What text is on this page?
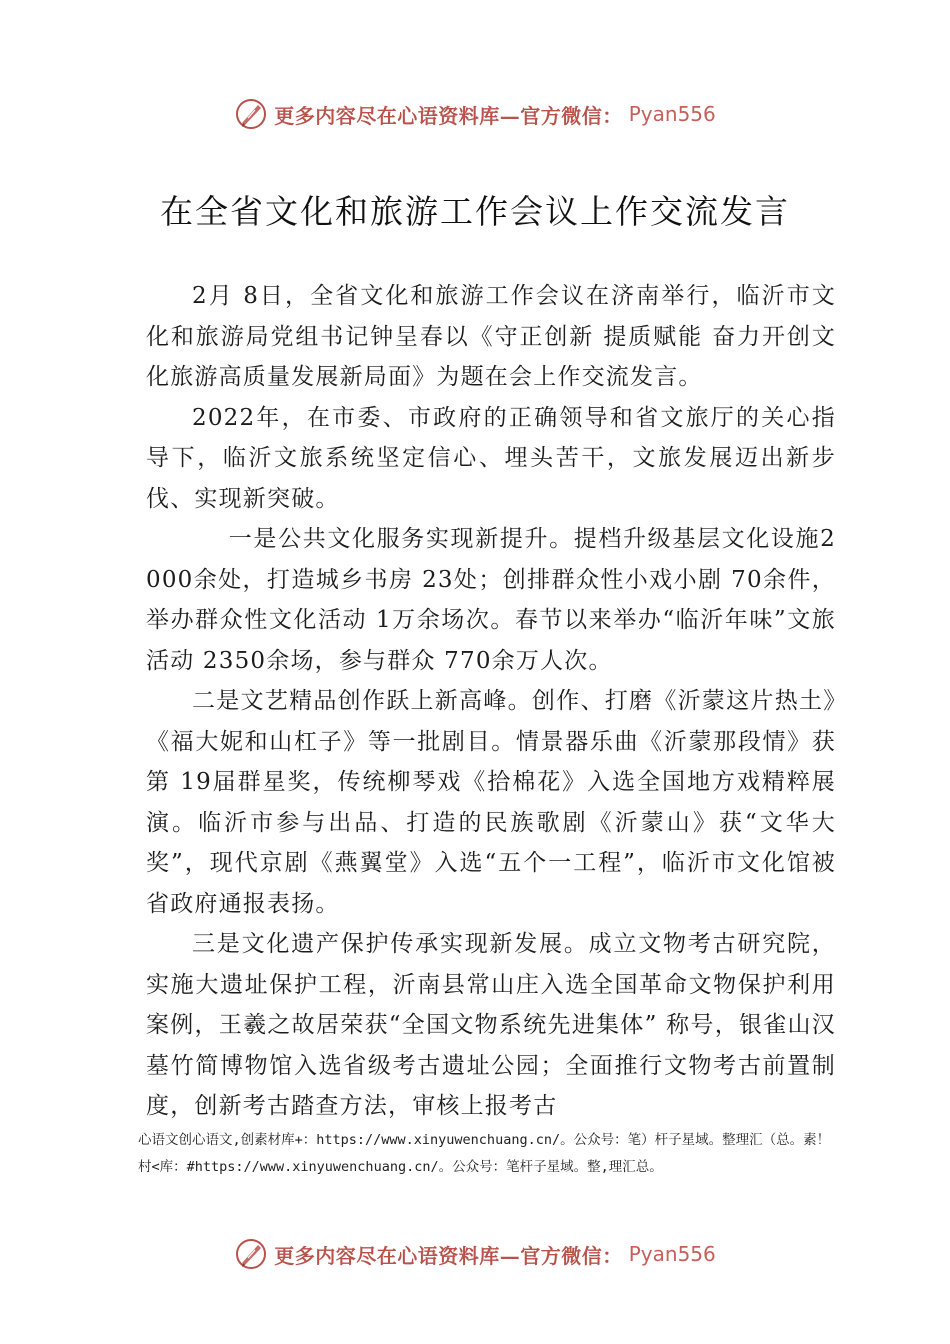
更多内容尽在心语资料库—官方微信： Pyan556
在全省文化和旅游工作会议上作交流发言

2月 8日，全省文化和旅游工作会议在济南举行，临沂市文化和旅游局党组书记钟呈春以《守正创新 提质赋能 奋力开创文化旅游高质量发展新局面》为题在会上作交流发言。

2022年，在市委、市政府的正确领导和省文旅厅的关心指导下，临沂文旅系统坚定信心、埋头苦干，文旅发展迈出新步伐、实现新突破。

一是公共文化服务实现新提升。提档升级基层文化设施2000余处，打造城乡书房 23处；创排群众性小戏小剧 70余件，举办群众性文化活动 1万余场次。春节以来举办“临沂年味”文旅活动 2350余场，参与群众 770余万人次。

二是文艺精品创作跃上新高峰。创作、打磨《沂蒙这片热土》《福大妮和山杠子》等一批剧目。情景器乐曲《沂蒙那段情》获第 19届群星奖，传统柳琴戏《拾棉花》入选全国地方戏精粹展演。临沂市参与出品、打造的民族歌剧《沂蒙山》获“文华大奖”，现代京剧《燕翼堂》入选“五个一工程”，临沂市文化馆被省政府通报表扬。

三是文化遗产保护传承实现新发展。成立文物考古研究院，实施大遗址保护工程，沂南县常山庄入选全国革命文物保护利用案例，王羲之故居荣获“全国文物系统先进集体” 称号，银雀山汉墓竹简博物馆入选省级考古遗址公园；全面推行文物考古前置制度，创新考古踏查方法，审核上报考古

心语文创心语文,创素材库+：https://www.xinyuwenchuang.cn/。公众号：笔）杆子星域。整理汇（总。素！村<库：#https://www.xinyuwenchuang.cn/。公众号：笔杆子星域。整,理汇总。
更多内容尽在心语资料库—官方微信： Pyan556
